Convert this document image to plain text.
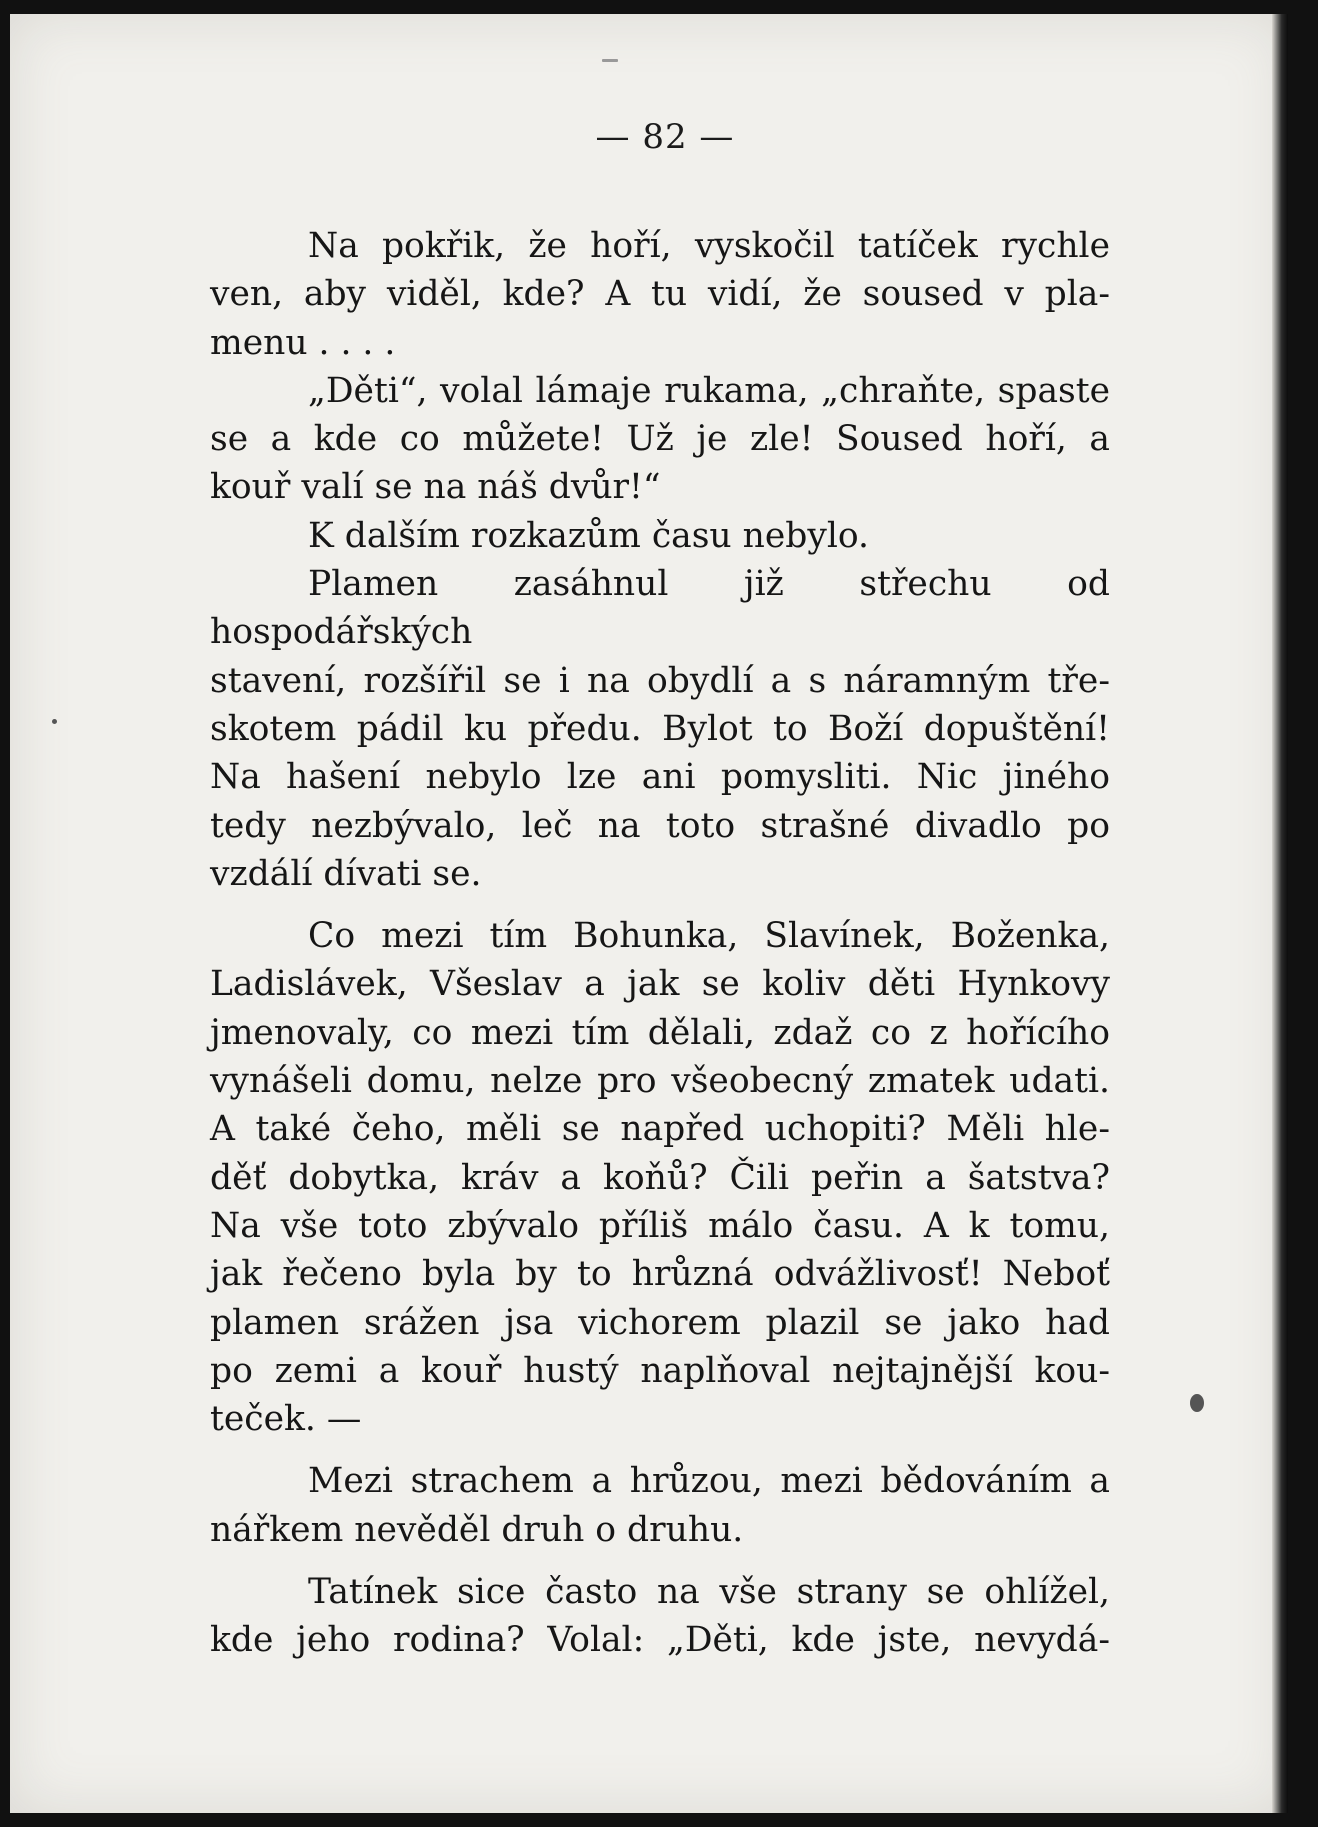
— 82 —

Na pokřik, že hoří, vyskočil tatíček rychle

ven, aby viděl, kde? A tu vidí, že soused v pla-

menu . . . .

„Děti“, volal lámaje rukama, „chraňte, spaste

se a kde co můžete! Už je zle! Soused hoří, a

kouř valí se na náš dvůr!“

K dalším rozkazům času nebylo.

Plamen zasáhnul již střechu od hospodářských

stavení, rozšířil se i na obydlí a s náramným tře-

skotem pádil ku předu. Bylot to Boží dopuštění!

Na hašení nebylo lze ani pomysliti. Nic jiného

tedy nezbývalo, leč na toto strašné divadlo po

vzdálí dívati se.

Co mezi tím Bohunka, Slavínek, Boženka,

Ladislávek, Všeslav a jak se koliv děti Hynkovy

jmenovaly, co mezi tím dělali, zdaž co z hořícího

vynášeli domu, nelze pro všeobecný zmatek udati.

A také čeho, měli se napřed uchopiti? Měli hle-

děť dobytka, kráv a koňů? Čili peřin a šatstva?

Na vše toto zbývalo příliš málo času. A k tomu,

jak řečeno byla by to hrůzná odvážlivosť! Neboť

plamen srážen jsa vichorem plazil se jako had

po zemi a kouř hustý naplňoval nejtajnější kou-

teček. —

Mezi strachem a hrůzou, mezi bědováním a

nářkem nevěděl druh o druhu.

Tatínek sice často na vše strany se ohlížel,

kde jeho rodina? Volal: „Děti, kde jste, nevydá-
